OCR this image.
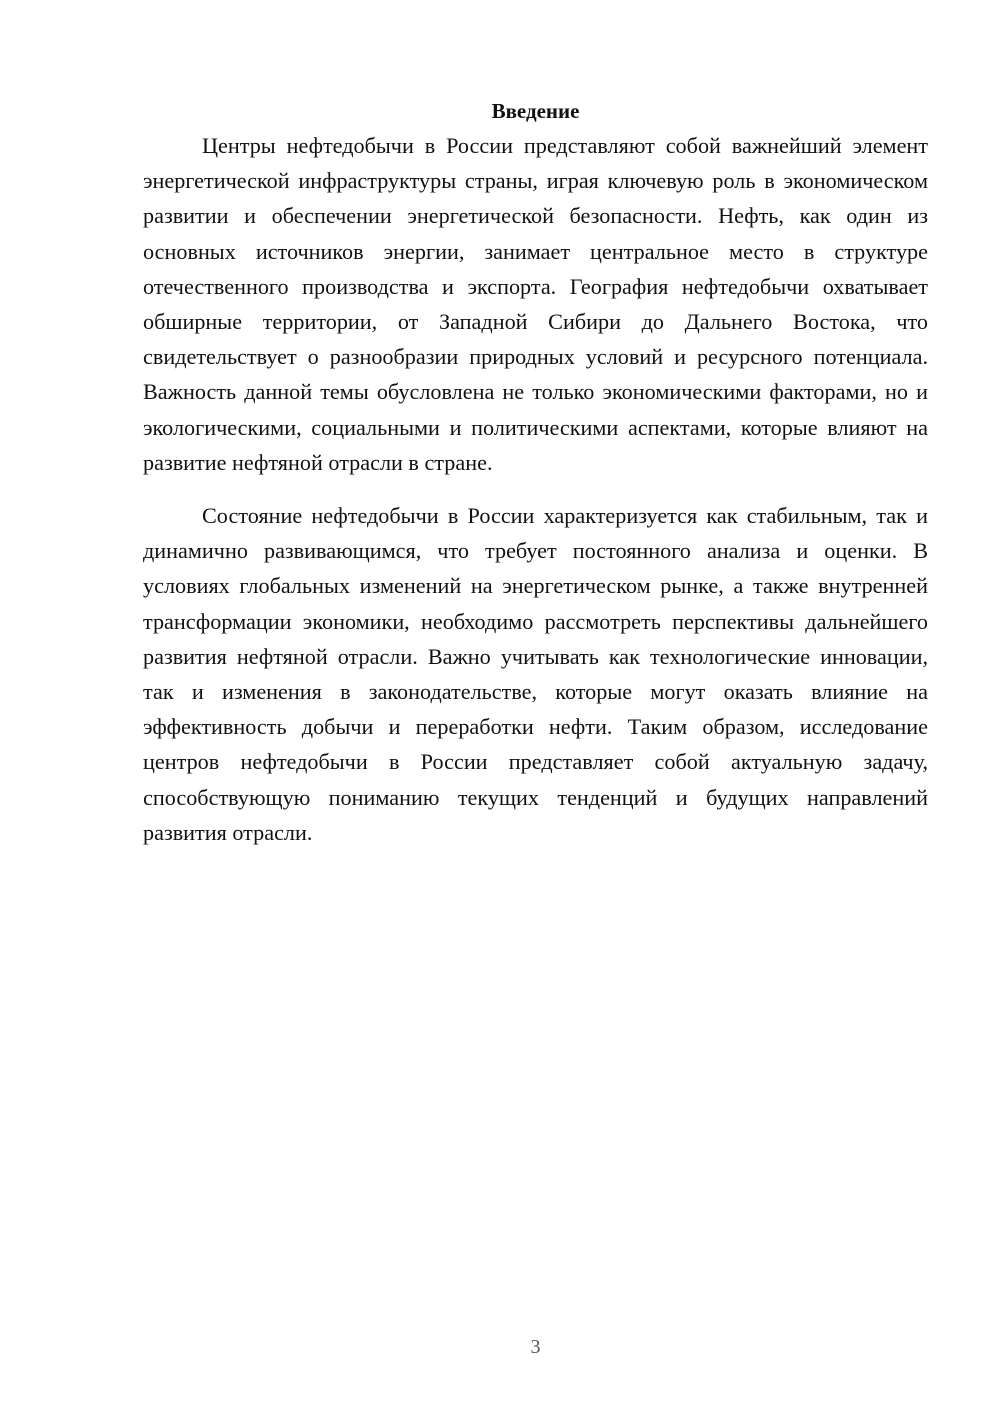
Введение

Центры нефтедобычи в России представляют собой важнейший элемент энергетической инфраструктуры страны, играя ключевую роль в экономическом развитии и обеспечении энергетической безопасности. Нефть, как один из основных источников энергии, занимает центральное место в структуре отечественного производства и экспорта. География нефтедобычи охватывает обширные территории, от Западной Сибири до Дальнего Востока, что свидетельствует о разнообразии природных условий и ресурсного потенциала. Важность данной темы обусловлена не только экономическими факторами, но и экологическими, социальными и политическими аспектами, которые влияют на развитие нефтяной отрасли в стране.

Состояние нефтедобычи в России характеризуется как стабильным, так и динамично развивающимся, что требует постоянного анализа и оценки. В условиях глобальных изменений на энергетическом рынке, а также внутренней трансформации экономики, необходимо рассмотреть перспективы дальнейшего развития нефтяной отрасли. Важно учитывать как технологические инновации, так и изменения в законодательстве, которые могут оказать влияние на эффективность добычи и переработки нефти. Таким образом, исследование центров нефтедобычи в России представляет собой актуальную задачу, способствующую пониманию текущих тенденций и будущих направлений развития отрасли.

3
